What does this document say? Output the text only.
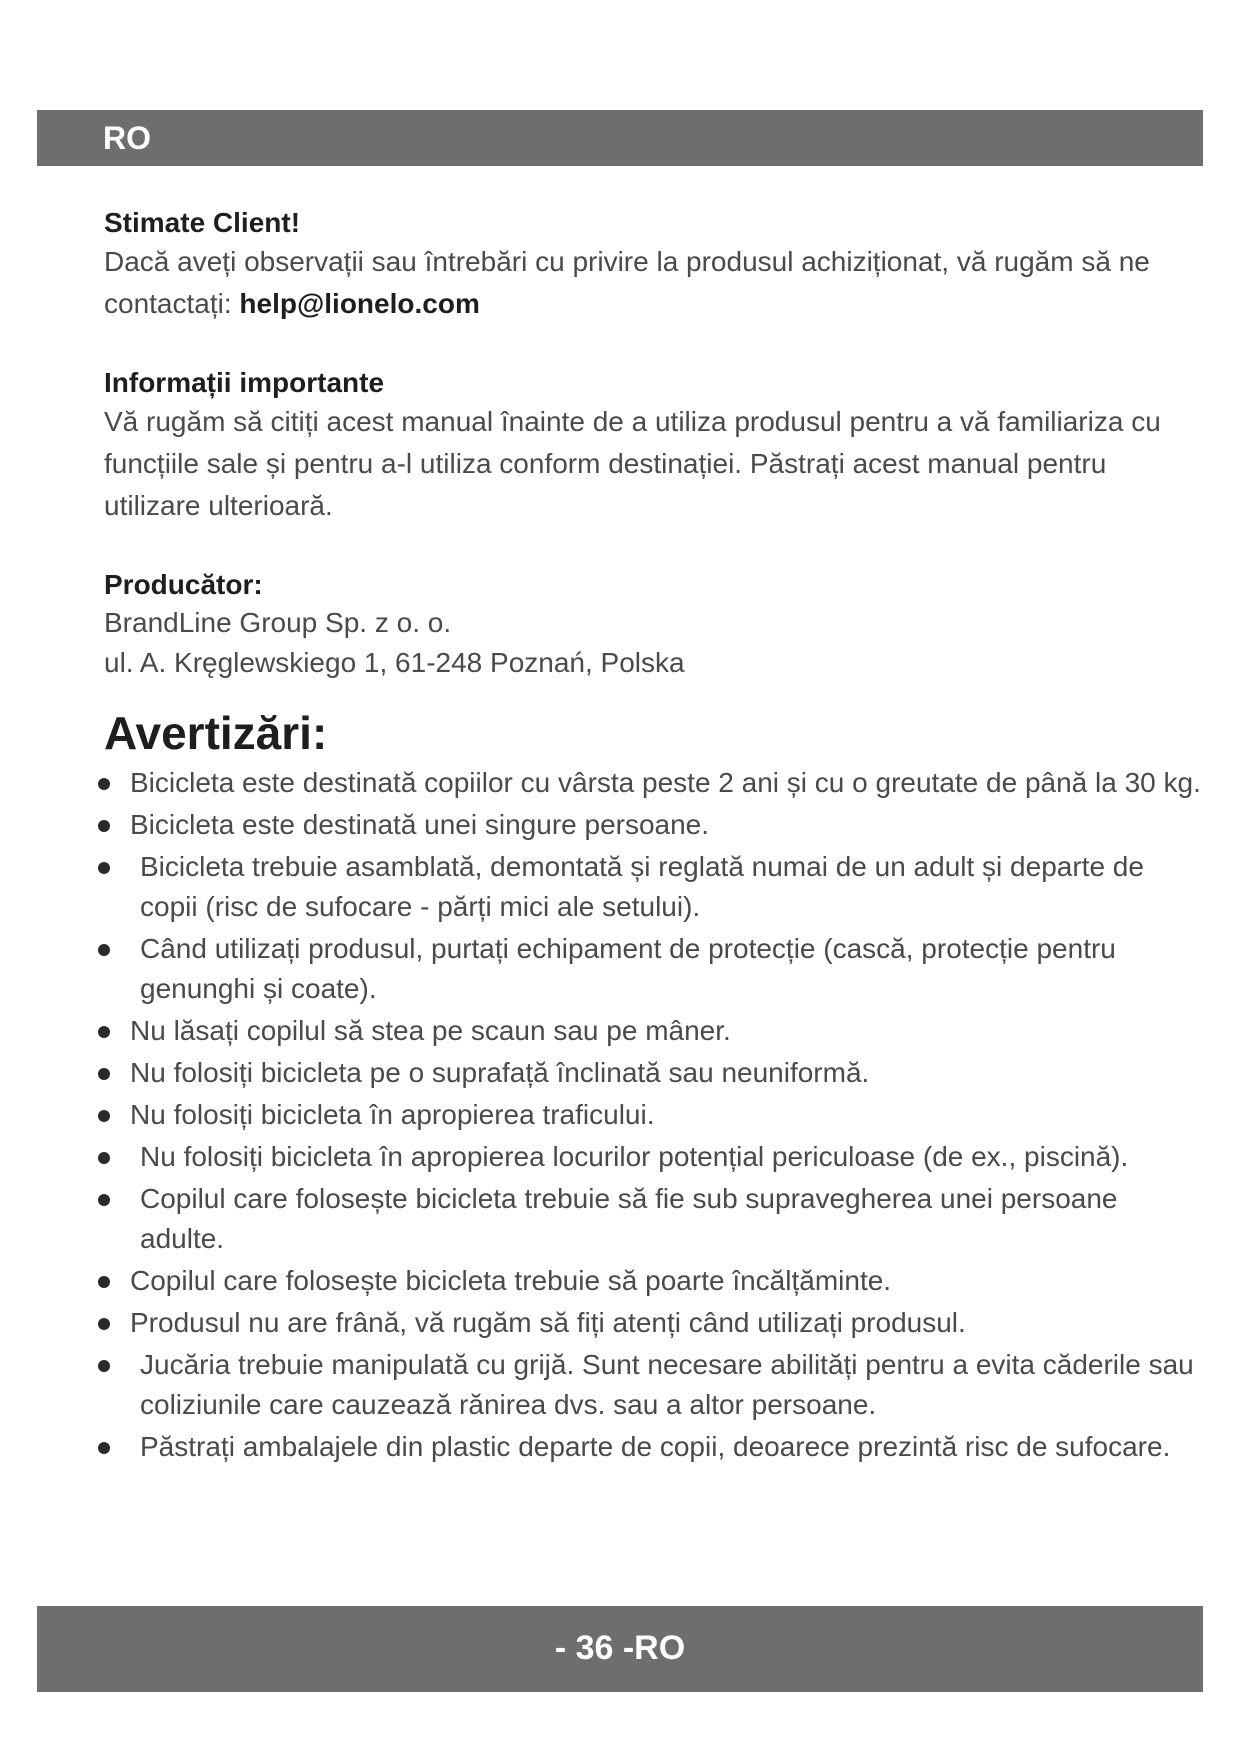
RO

Stimate Client!

Dacă aveți observații sau întrebări cu privire la produsul achiziționat, vă rugăm să ne contactați: help@lionelo.com

Informații importante

Vă rugăm să citiți acest manual înainte de a utiliza produsul pentru a vă familiariza cu funcțiile sale și pentru a-l utiliza conform destinației. Păstrați acest manual pentru utilizare ulterioară.

Producător:

BrandLine Group Sp. z o. o.

ul. A. Kręglewskiego 1, 61-248 Poznań, Polska

Avertizări:
Bicicleta este destinată copiilor cu vârsta peste 2 ani și cu o greutate de până la 30 kg.
Bicicleta este destinată unei singure persoane.
Bicicleta trebuie asamblată, demontată și reglată numai de un adult și departe de copii (risc de sufocare - părți mici ale setului).
Când utilizați produsul, purtați echipament de protecție (cască, protecție pentru genunghi și coate).
Nu lăsați copilul să stea pe scaun sau pe mâner.
Nu folosiți bicicleta pe o suprafață înclinată sau neuniformă.
Nu folosiți bicicleta în apropierea traficului.
Nu folosiți bicicleta în apropierea locurilor potențial periculoase (de ex., piscină).
Copilul care folosește bicicleta trebuie să fie sub supravegherea unei persoane adulte.
Copilul care folosește bicicleta trebuie să poarte încălțăminte.
Produsul nu are frână, vă rugăm să fiți atenți când utilizați produsul.
Jucăria trebuie manipulată cu grijă. Sunt necesare abilități pentru a evita căderile sau coliziunile care cauzează rănirea dvs. sau a altor persoane.
Păstrați ambalajele din plastic departe de copii, deoarece prezintă risc de sufocare.
- 36 -RO
